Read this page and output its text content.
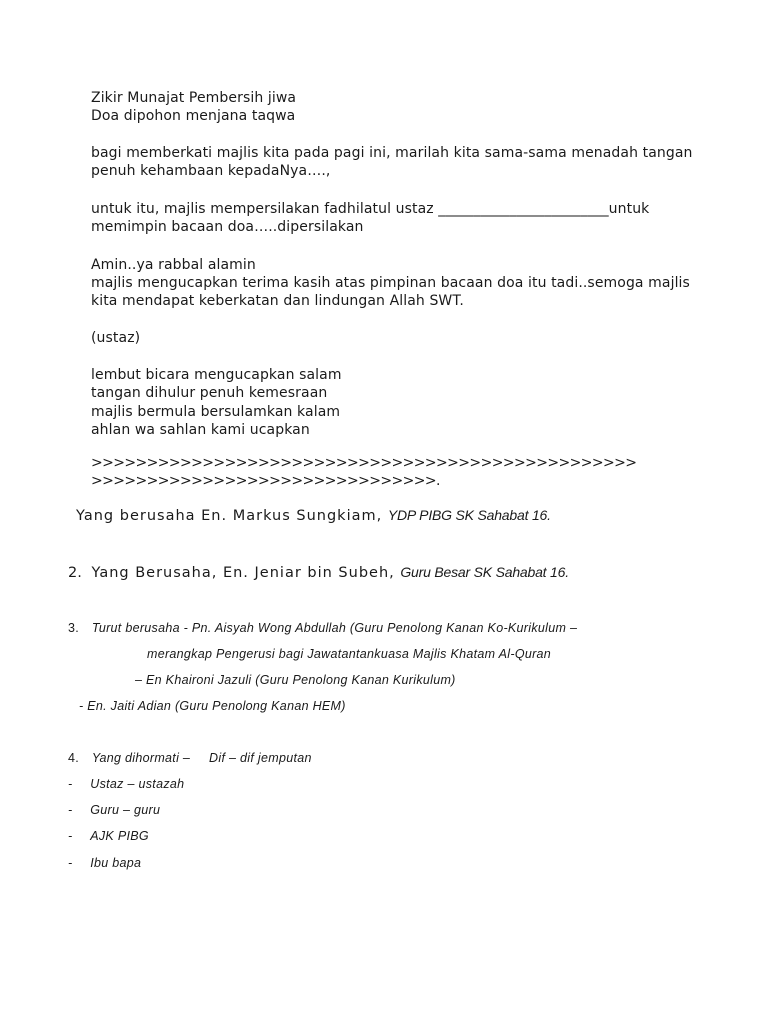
Zikir Munajat Pembersih jiwa
Doa dipohon menjana taqwa
bagi memberkati majlis kita pada pagi ini, marilah kita sama-sama menadah tangan
penuh kehambaan kepadaNya….,
untuk itu, majlis mempersilakan fadhilatul ustaz ________________________untuk
memimpin bacaan doa…..dipersilakan
Amin..ya rabbal alamin
majlis mengucapkan terima kasih atas pimpinan bacaan doa itu tadi..semoga majlis
kita mendapat keberkatan dan lindungan Allah SWT.
(ustaz)
lembut bicara mengucapkan salam
tangan dihulur penuh kemesraan
majlis bermula bersulamkan kalam
ahlan wa sahlan kami ucapkan
>>>>>>>>>>>>>>>>>>>>>>>>>>>>>>>>>>>>>>>>>>>>>>>>>
>>>>>>>>>>>>>>>>>>>>>>>>>>>>>>>.
Yang berusaha En. Markus Sungkiam, YDP PIBG SK Sahabat 16.
2. Yang Berusaha, En. Jeniar bin Subeh, Guru Besar SK Sahabat 16.
3. Turut berusaha - Pn. Aisyah Wong Abdullah (Guru Penolong Kanan Ko-Kurikulum –
merangkap Pengerusi bagi Jawatantankuasa Majlis Khatam Al-Quran
– En Khaironi Jazuli (Guru Penolong Kanan Kurikulum)
- En. Jaiti Adian (Guru Penolong Kanan HEM)
4. Yang dihormati –     Dif – dif jemputan
- Ustaz – ustazah
- Guru – guru
- AJK PIBG
- Ibu bapa
